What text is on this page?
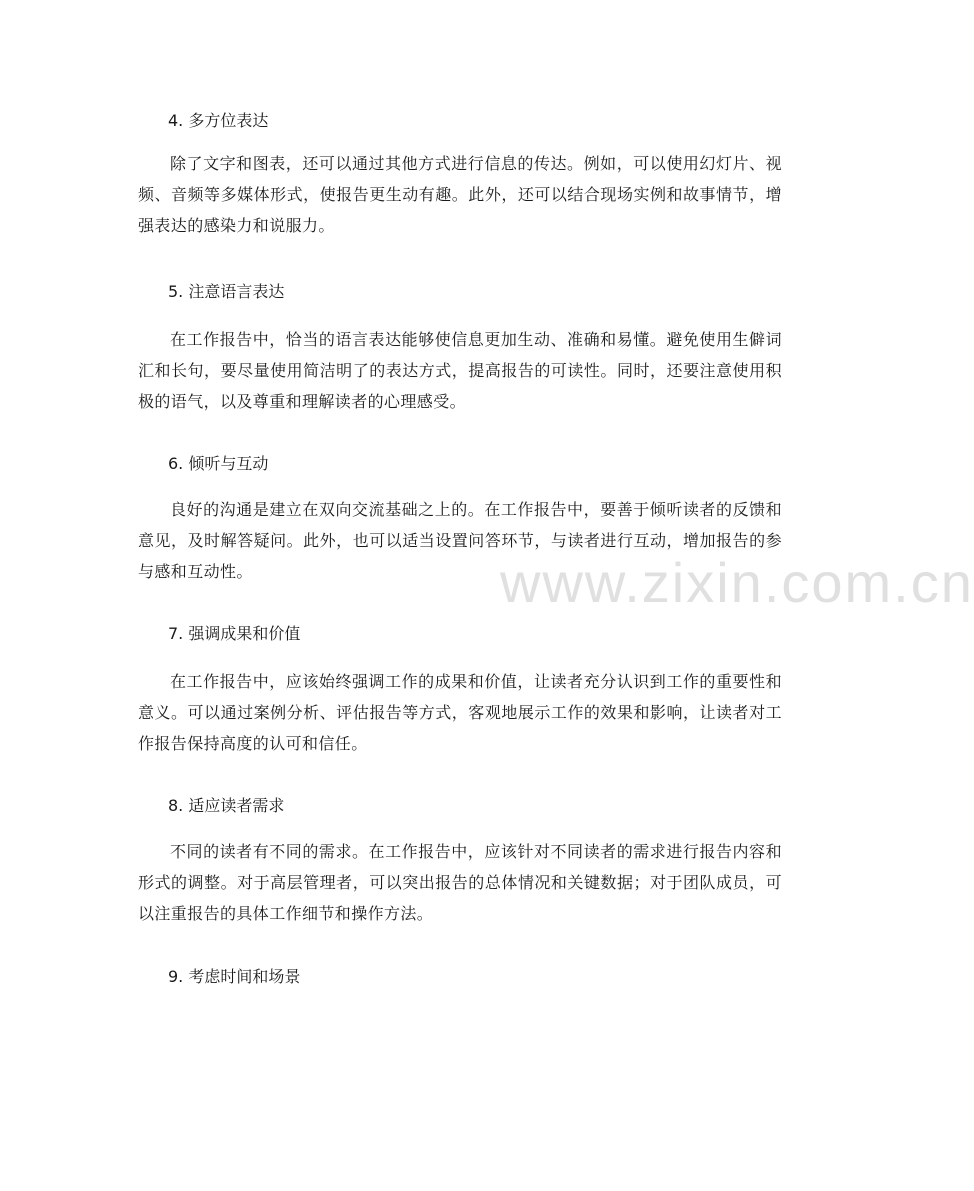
4. 多方位表达
除了文字和图表，还可以通过其他方式进行信息的传达。例如，可以使用幻灯片、视频、音频等多媒体形式，使报告更生动有趣。此外，还可以结合现场实例和故事情节，增强表达的感染力和说服力。
5. 注意语言表达
在工作报告中，恰当的语言表达能够使信息更加生动、准确和易懂。避免使用生僻词汇和长句，要尽量使用简洁明了的表达方式，提高报告的可读性。同时，还要注意使用积极的语气，以及尊重和理解读者的心理感受。
6. 倾听与互动
良好的沟通是建立在双向交流基础之上的。在工作报告中，要善于倾听读者的反馈和意见，及时解答疑问。此外，也可以适当设置问答环节，与读者进行互动，增加报告的参与感和互动性。
7. 强调成果和价值
在工作报告中，应该始终强调工作的成果和价值，让读者充分认识到工作的重要性和意义。可以通过案例分析、评估报告等方式，客观地展示工作的效果和影响，让读者对工作报告保持高度的认可和信任。
8. 适应读者需求
不同的读者有不同的需求。在工作报告中，应该针对不同读者的需求进行报告内容和形式的调整。对于高层管理者，可以突出报告的总体情况和关键数据；对于团队成员，可以注重报告的具体工作细节和操作方法。
9. 考虑时间和场景
www.zixin.com.cn
